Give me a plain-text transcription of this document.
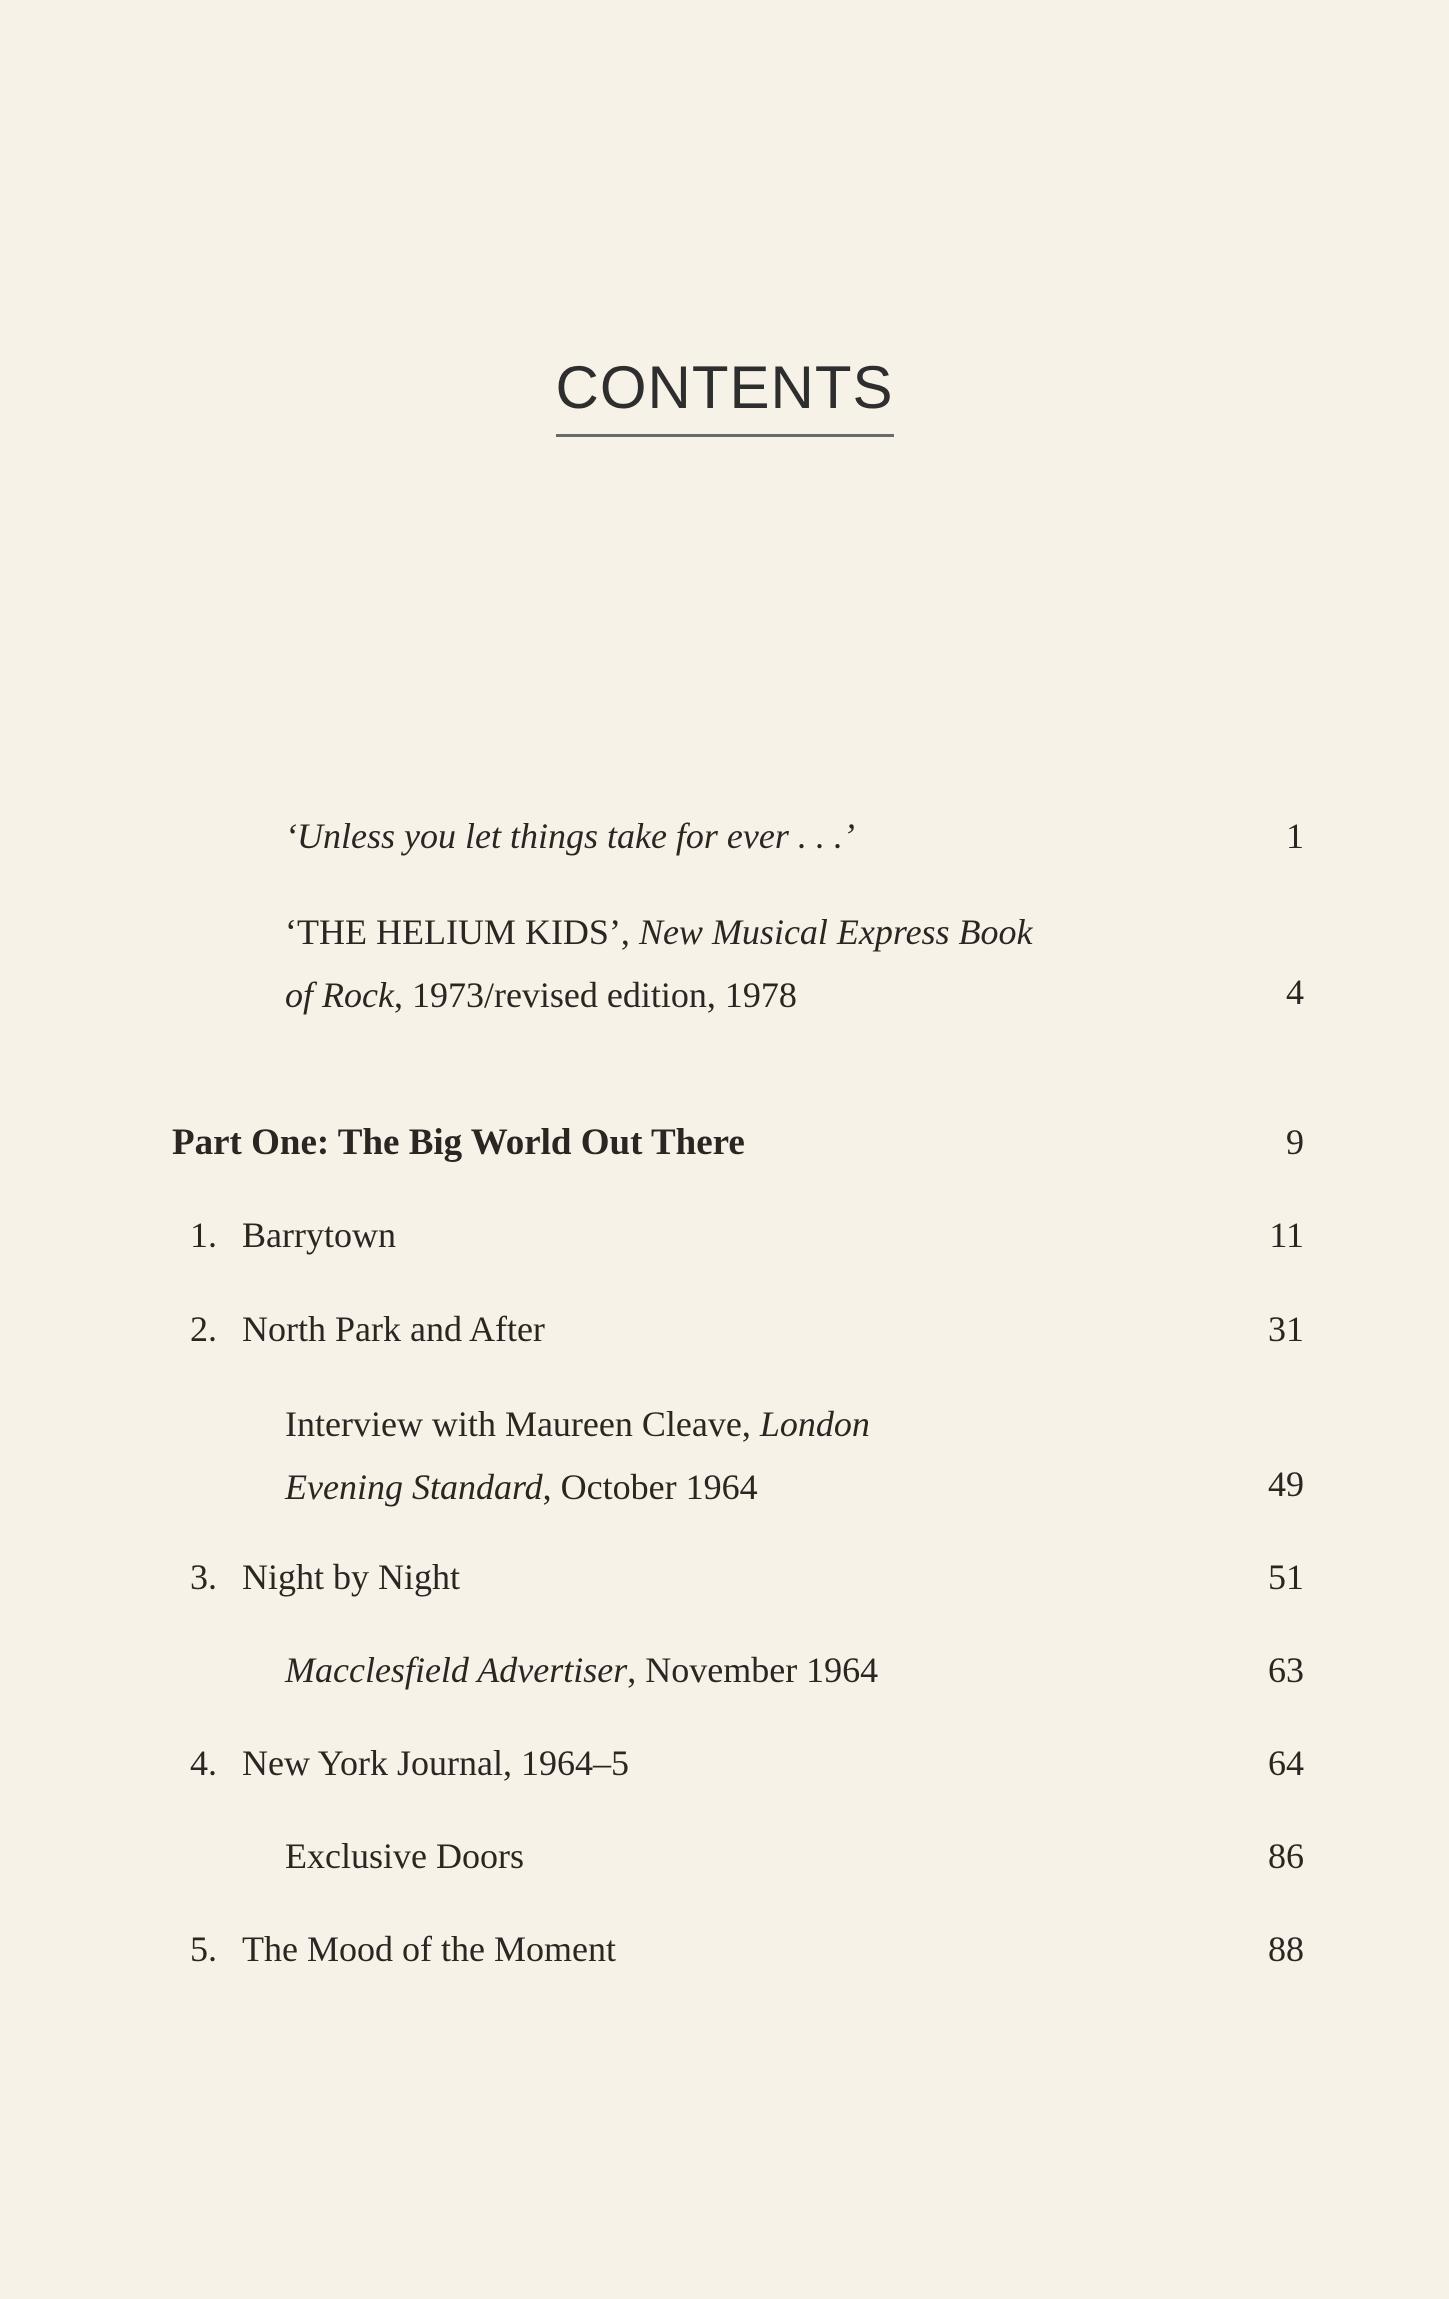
CONTENTS
‘Unless you let things take for ever . . .’	1
‘THE HELIUM KIDS’, New Musical Express Book
of Rock, 1973/revised edition, 1978	4
Part One: The Big World Out There	9
1. Barrytown	11
2. North Park and After	31
Interview with Maureen Cleave, London
Evening Standard, October 1964	49
3. Night by Night	51
Macclesfield Advertiser, November 1964	63
4. New York Journal, 1964–5	64
Exclusive Doors	86
5. The Mood of the Moment	88
